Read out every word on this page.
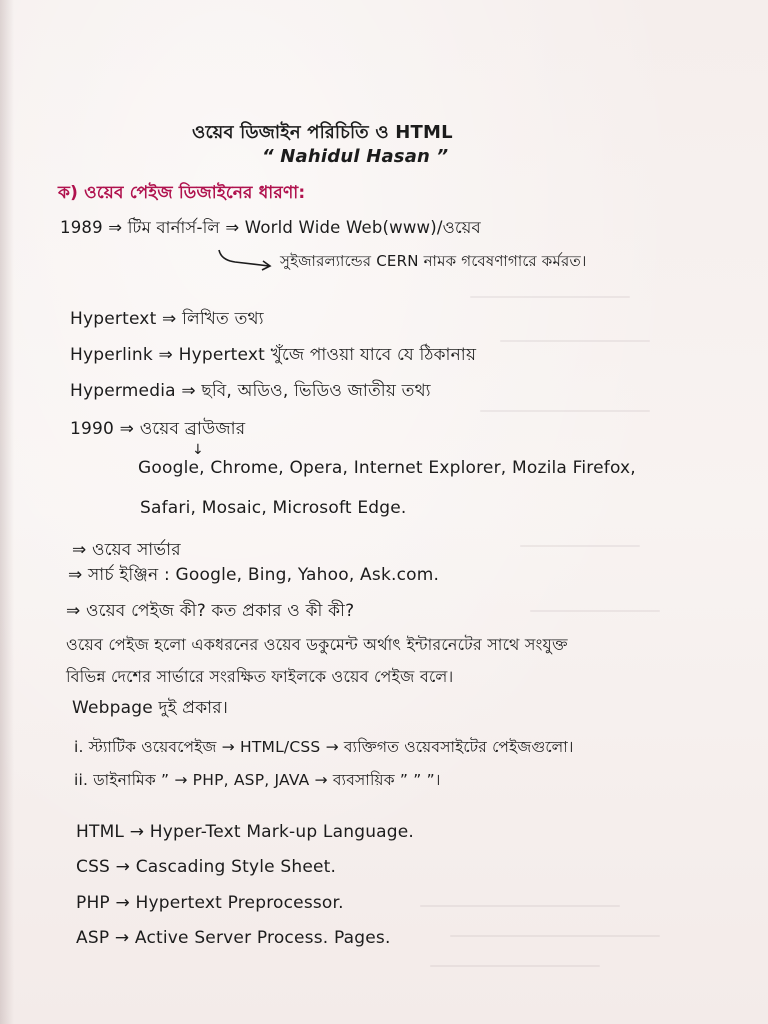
ওয়েব ডিজাইন পরিচিতি ও HTML
“ Nahidul Hasan ”
ক) ওয়েব পেইজ ডিজাইনের ধারণা:
1989 ⇒ টিম বার্নার্স-লি ⇒ World Wide Web(www)/ওয়েব
সুইজারল্যান্ডের CERN নামক গবেষণাগারে কর্মরত।
Hypertext ⇒ লিখিত তথ্য
Hyperlink ⇒ Hypertext খুঁজে পাওয়া যাবে যে ঠিকানায়
Hypermedia ⇒ ছবি, অডিও, ভিডিও জাতীয় তথ্য
1990 ⇒ ওয়েব ব্রাউজার
↓
Google, Chrome, Opera, Internet Explorer, Mozila Firefox,
Safari, Mosaic, Microsoft Edge.
⇒ ওয়েব সার্ভার
⇒ সার্চ ইঞ্জিন : Google, Bing, Yahoo, Ask.com.
⇒ ওয়েব পেইজ কী? কত প্রকার ও কী কী?
ওয়েব পেইজ হলো একধরনের ওয়েব ডকুমেন্ট অর্থাৎ ইন্টারনেটের সাথে সংযুক্ত
বিভিন্ন দেশের সার্ভারে সংরক্ষিত ফাইলকে ওয়েব পেইজ বলে।
Webpage দুই প্রকার।
i. স্ট্যাটিক ওয়েবপেইজ → HTML/CSS → ব্যক্তিগত ওয়েবসাইটের পেইজগুলো।
ii. ডাইনামিক ” → PHP, ASP, JAVA → ব্যবসায়িক ” ” ”।
HTML → Hyper-Text Mark-up Language.
CSS → Cascading Style Sheet.
PHP → Hypertext Preprocessor.
ASP → Active Server Process. Pages.
